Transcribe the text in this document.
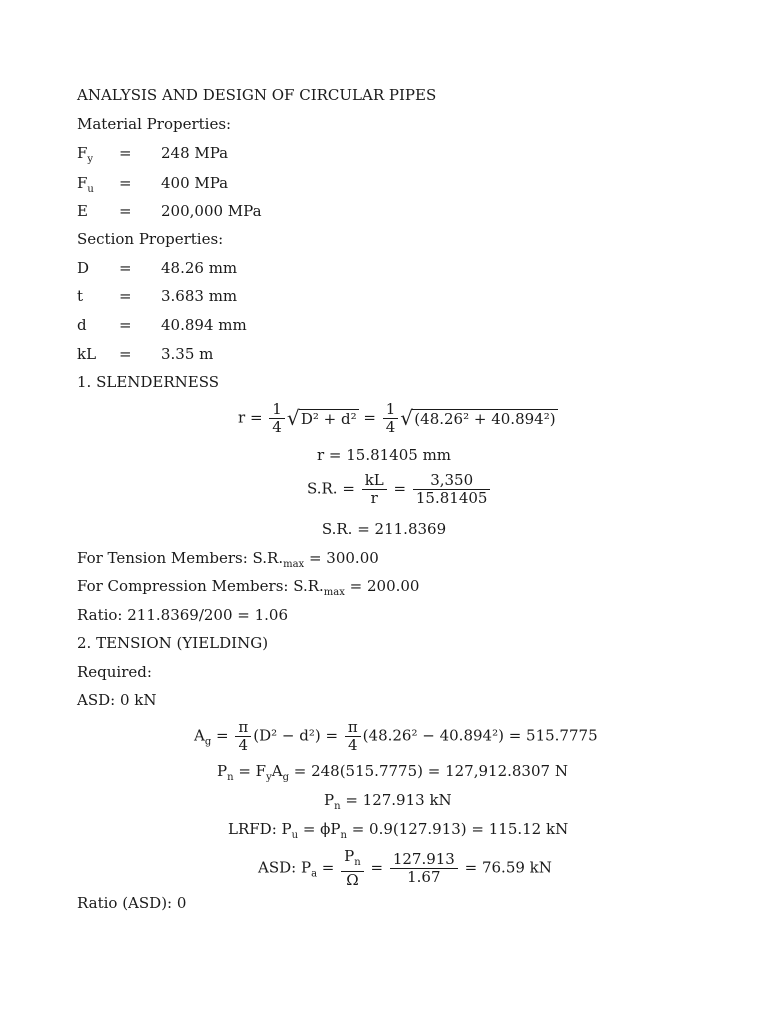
ANALYSIS AND DESIGN OF CIRCULAR PIPES
Material Properties:
$F_y = 248$ MPa
$F_u = 400$ MPa
E = 200,000 MPa
Section Properties:
D = 48.26 mm
t = 3.683 mm
d = 40.894 mm
kL = 3.35 m
1. SLENDERNESS
$r = \frac{1}{4}$ √ $D^2 + d^2 = \frac{1}{4}$ √ (48.26² + 40.894²)
r = 15.81405 mm
S.R. = $\frac{kL}{r} = \frac{3,350}{15.81405}$
S.R. = 211.8369
For Tension Members: $S.R._{max} = 300.00$
For Compression Members: $S.R._{max} = 200.00$
Ratio: 211.8369/200 = 1.06
2. TENSION (YIELDING)
Required:
ASD: 0 kN
$A_g = \frac{\pi}{4} (D^2 - d^2) = \frac{\pi}{4} (48.26^2 - 40.894^2) = 515.7775$
$P_n = F_yA_g = 248(515.7775) = 127,912.8307$ N
$P_n = 127.913$ kN
LRFD: $P_u = \phi P_n = 0.9(127.913) = 115.12$ kN
ASD: $P_a = \frac{P_n}{\Omega} = \frac{127.913}{1.67} = 76.59$ kN
Ratio (ASD): 0
